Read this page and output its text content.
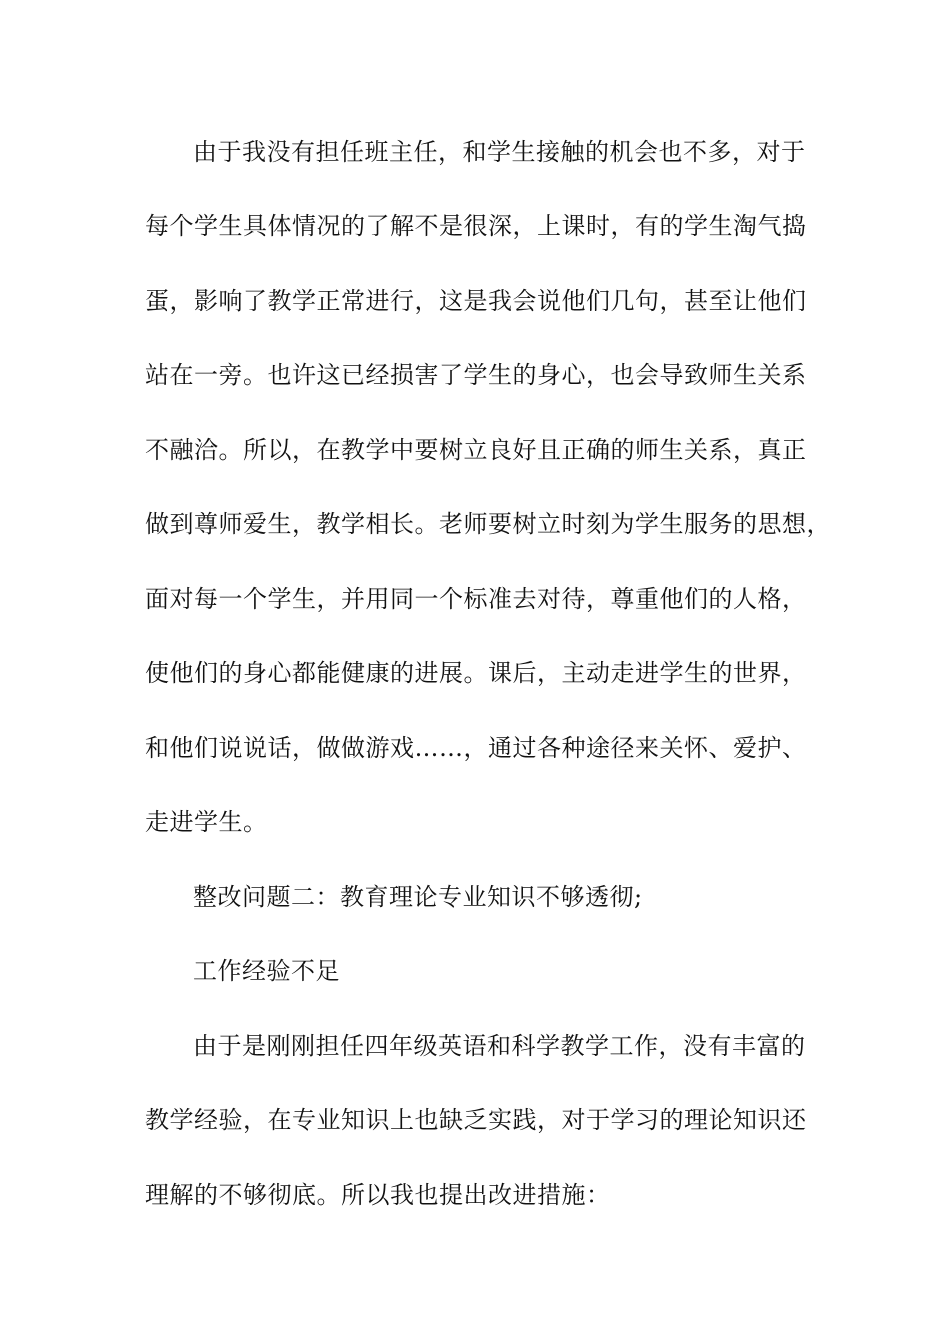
由于我没有担任班主任，和学生接触的机会也不多，对于
每个学生具体情况的了解不是很深，上课时，有的学生淘气捣
蛋，影响了教学正常进行，这是我会说他们几句，甚至让他们
站在一旁。也许这已经损害了学生的身心，也会导致师生关系
不融洽。所以，在教学中要树立良好且正确的师生关系，真正
做到尊师爱生，教学相长。老师要树立时刻为学生服务的思想，
面对每一个学生，并用同一个标准去对待，尊重他们的人格，
使他们的身心都能健康的进展。课后，主动走进学生的世界，
和他们说说话，做做游戏……，通过各种途径来关怀、爱护、
走进学生。
整改问题二：教育理论专业知识不够透彻;
工作经验不足
由于是刚刚担任四年级英语和科学教学工作，没有丰富的
教学经验，在专业知识上也缺乏实践，对于学习的理论知识还
理解的不够彻底。所以我也提出改进措施：
